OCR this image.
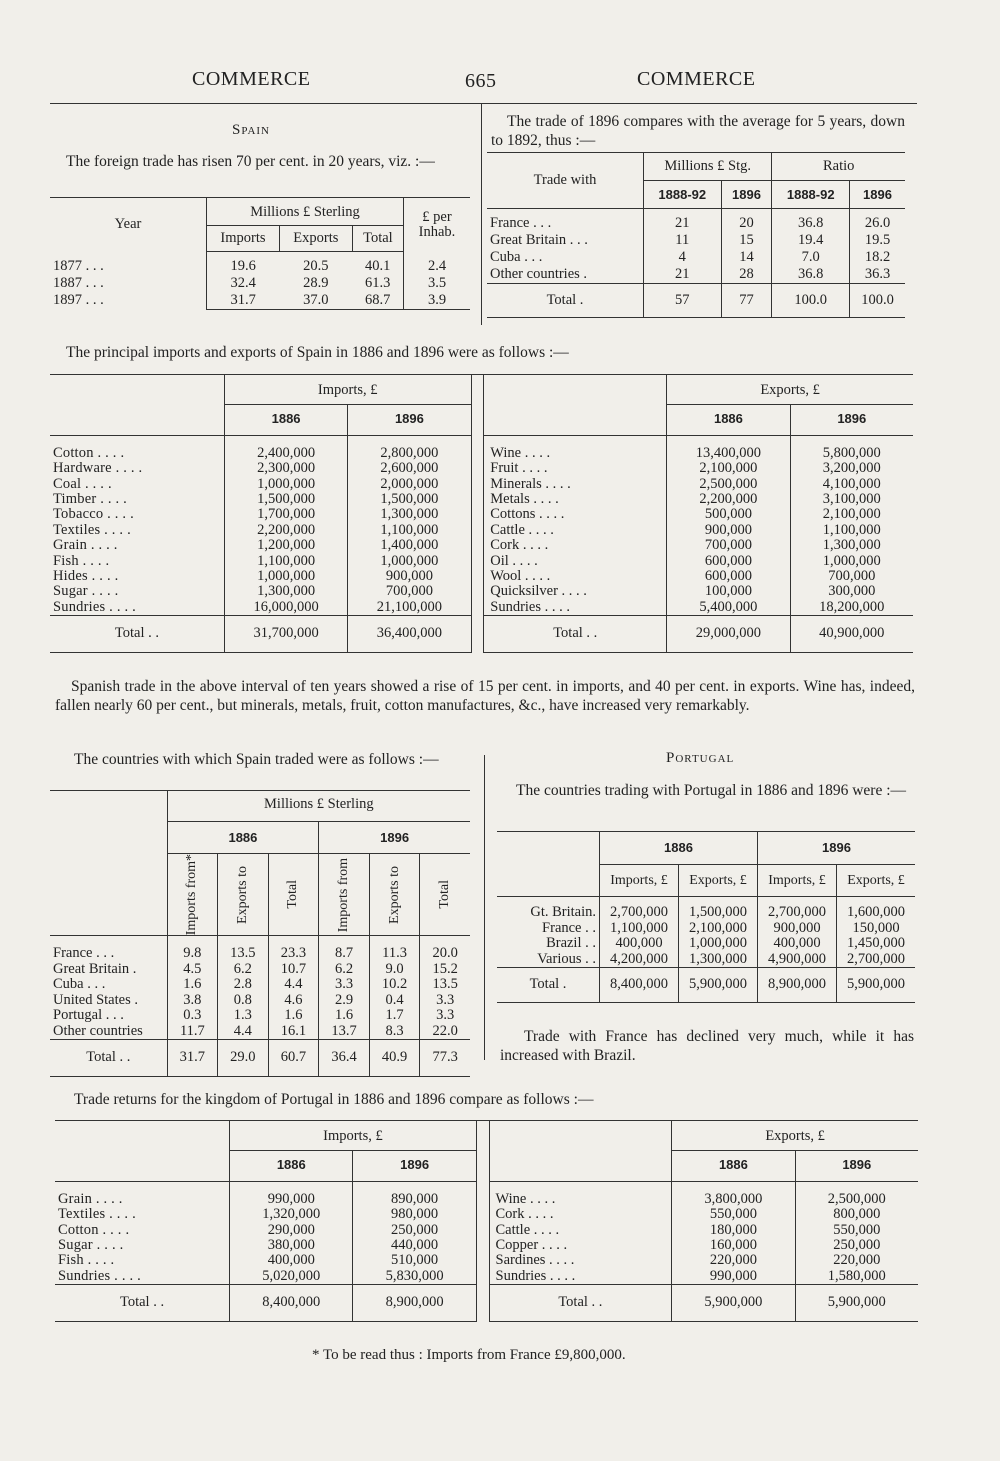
COMMERCE	665	COMMERCE
Spain
The foreign trade has risen 70 per cent. in 20 years, viz. :—
Year	Millions £ Sterling			£ per Inhab.
	Imports	Exports	Total	
1877 . . .	19.6	20.5	40.1	2.4
1887 . . .	32.4	28.9	61.3	3.5
1897 . . .	31.7	37.0	68.7	3.9
The trade of 1896 compares with the average for 5 years, down to 1892, thus :—
Trade with	Millions £ Stg.		Ratio	
	1888-92	1896	1888-92	1896
France . . .	21	20	36.8	26.0
Great Britain . . .	11	15	19.4	19.5
Cuba . . .	4	14	7.0	18.2
Other countries .	21	28	36.8	36.3
Total .	57	77	100.0	100.0
The principal imports and exports of Spain in 1886 and 1896 were as follows :—
	Imports, £				Exports, £	
	1886	1896			1886	1896
Cotton . . . .	2,400,000	2,800,000		Wine . . . .	13,400,000	5,800,000
Hardware . . . .	2,300,000	2,600,000		Fruit . . . .	2,100,000	3,200,000
Coal . . . .	1,000,000	2,000,000		Minerals . . . .	2,500,000	4,100,000
Timber . . . .	1,500,000	1,500,000		Metals . . . .	2,200,000	3,100,000
Tobacco . . . .	1,700,000	1,300,000		Cottons . . . .	500,000	2,100,000
Textiles . . . .	2,200,000	1,100,000		Cattle . . . .	900,000	1,100,000
Grain . . . .	1,200,000	1,400,000		Cork . . . .	700,000	1,300,000
Fish . . . .	1,100,000	1,000,000		Oil . . . .	600,000	1,000,000
Hides . . . .	1,000,000	900,000		Wool . . . .	600,000	700,000
Sugar . . . .	1,300,000	700,000		Quicksilver . . . .	100,000	300,000
Sundries . . . .	16,000,000	21,100,000		Sundries . . . .	5,400,000	18,200,000
Total . .	31,700,000	36,400,000		Total . .	29,000,000	40,900,000
Spanish trade in the above interval of ten years showed a rise of 15 per cent. in imports, and 40 per cent. in exports. Wine has, indeed, fallen nearly 60 per cent., but minerals, metals, fruit, cotton manufactures, &c., have increased very remarkably.
The countries with which Spain traded were as follows :—
	Millions £ Sterling					
	1886			1896		

	Imports from*	Exports to	Total	Imports from	Exports to	Total

France . . .	9.8	13.5	23.3	8.7	11.3	20.0
Great Britain .	4.5	6.2	10.7	6.2	9.0	15.2
Cuba . . .	1.6	2.8	4.4	3.3	10.2	13.5
United States .	3.8	0.8	4.6	2.9	0.4	3.3
Portugal . . .	0.3	1.3	1.6	1.6	1.7	3.3
Other countries	11.7	4.4	16.1	13.7	8.3	22.0
Total . .	31.7	29.0	60.7	36.4	40.9	77.3
Portugal
The countries trading with Portugal in 1886 and 1896 were :—
	1886		1896	
	Imports, £	Exports, £	Imports, £	Exports, £
Gt. Britain.	2,700,000	1,500,000	2,700,000	1,600,000
France . .	1,100,000	2,100,000	900,000	150,000
Brazil . .	400,000	1,000,000	400,000	1,450,000
Various . .	4,200,000	1,300,000	4,900,000	2,700,000
Total .	8,400,000	5,900,000	8,900,000	5,900,000
Trade with France has declined very much, while it has increased with Brazil.
Trade returns for the kingdom of Portugal in 1886 and 1896 compare as follows :—
	Imports, £				Exports, £	
	1886	1896			1886	1896
Grain . . . .	990,000	890,000		Wine . . . .	3,800,000	2,500,000
Textiles . . . .	1,320,000	980,000		Cork . . . .	550,000	800,000
Cotton . . . .	290,000	250,000		Cattle . . . .	180,000	550,000
Sugar . . . .	380,000	440,000		Copper . . . .	160,000	250,000
Fish . . . .	400,000	510,000		Sardines . . . .	220,000	220,000
Sundries . . . .	5,020,000	5,830,000		Sundries . . . .	990,000	1,580,000
Total . .	8,400,000	8,900,000		Total . .	5,900,000	5,900,000
* To be read thus : Imports from France £9,800,000.
